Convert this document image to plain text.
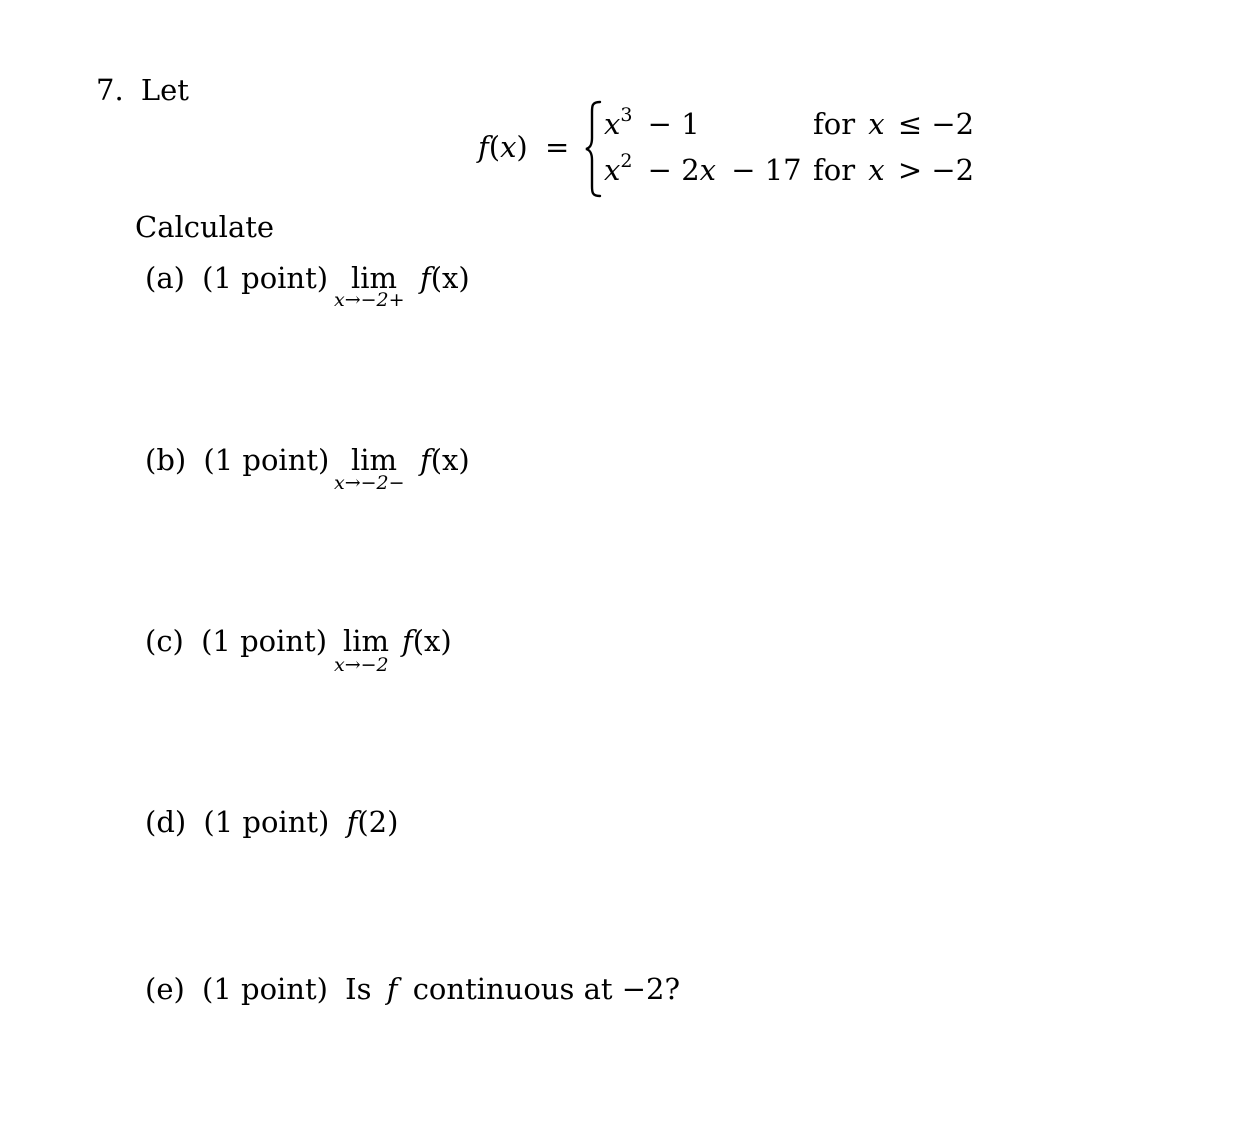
7. Let
f(x) =
$x^3 - 1$	for x ≤ −2
$x^2 - 2x - 17$ for x > −2
Calculate
(a) (1 point) lim
x→−2+
f(x)
(b) (1 point) lim
x→−2−
f(x)
(c) (1 point) lim
x→−2
f(x)
(d) (1 point) f(2)
(e) (1 point) Is f continuous at −2?
